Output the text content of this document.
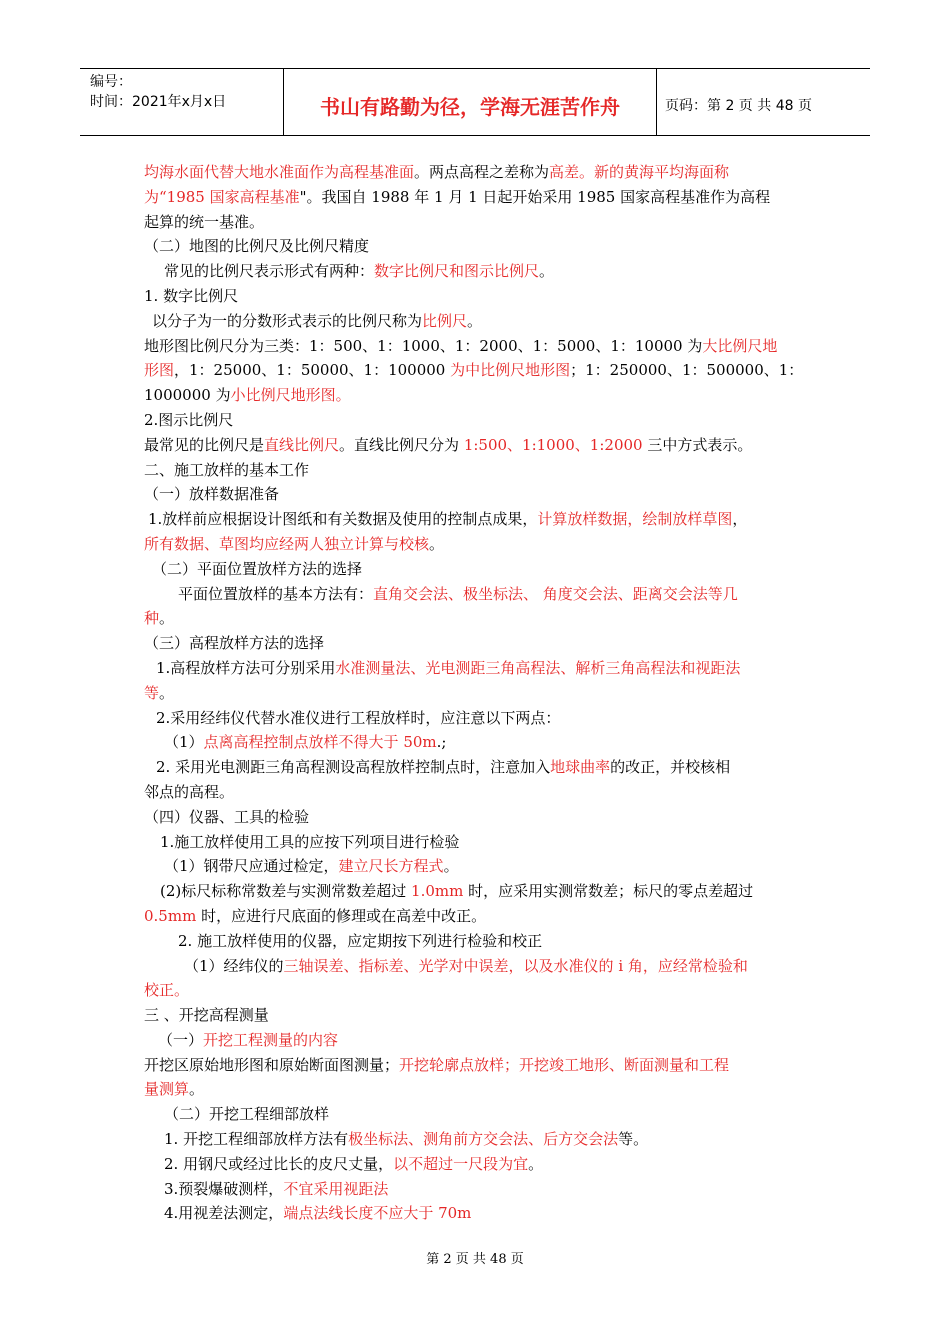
编号：
时间：2021年x月x日	书山有路勤为径，学海无涯苦作舟	页码：第 2 页 共 48 页

均海水面代替大地水准面作为高程基准面。两点高程之差称为高差。新的黄海平均海面称

为“1985 国家高程基准"。我国自 1988 年 1 月 1 日起开始采用 1985 国家高程基准作为高程

起算的统一基准。

（二）地图的比例尺及比例尺精度

常见的比例尺表示形式有两种：数字比例尺和图示比例尺。

1. 数字比例尺

以分子为一的分数形式表示的比例尺称为比例尺。

地形图比例尺分为三类：1：500、1：1000、1：2000、1：5000、1：10000 为大比例尺地

形图，1：25000、1：50000、1：100000 为中比例尺地形图；1：250000、1：500000、1：

1000000 为小比例尺地形图。

2.图示比例尺

最常见的比例尺是直线比例尺。直线比例尺分为 1:500、1:1000、1:2000 三中方式表示。

二、施工放样的基本工作

（一）放样数据准备

1.放样前应根据设计图纸和有关数据及使用的控制点成果，计算放样数据，绘制放样草图，

所有数据、草图均应经两人独立计算与校核。

（二）平面位置放样方法的选择

平面位置放样的基本方法有：直角交会法、极坐标法、 角度交会法、距离交会法等几

种。

（三）高程放样方法的选择

1.高程放样方法可分别采用水准测量法、光电测距三角高程法、解析三角高程法和视距法

等。

2.采用经纬仪代替水准仪进行工程放样时，应注意以下两点：

（1）点离高程控制点放样不得大于 50m.;

2. 采用光电测距三角高程测设高程放样控制点时，注意加入地球曲率的改正，并校核相

邻点的高程。

（四）仪器、工具的检验

1.施工放样使用工具的应按下列项目进行检验

（1）钢带尺应通过检定，建立尺长方程式。

(2)标尺标称常数差与实测常数差超过 1.0mm 时，应采用实测常数差；标尺的零点差超过

0.5mm 时，应进行尺底面的修理或在高差中改正。

2. 施工放样使用的仪器，应定期按下列进行检验和校正

（1）经纬仪的三轴误差、指标差、光学对中误差，以及水准仪的 i 角，应经常检验和

校正。

三 、开挖高程测量

（一）开挖工程测量的内容

开挖区原始地形图和原始断面图测量；开挖轮廓点放样；开挖竣工地形、断面测量和工程

量测算。

（二）开挖工程细部放样

1. 开挖工程细部放样方法有极坐标法、测角前方交会法、后方交会法等。

2. 用钢尺或经过比长的皮尺丈量，以不超过一尺段为宜。

3.预裂爆破测样，不宜采用视距法

4.用视差法测定，端点法线长度不应大于 70m

第 2 页 共 48 页
